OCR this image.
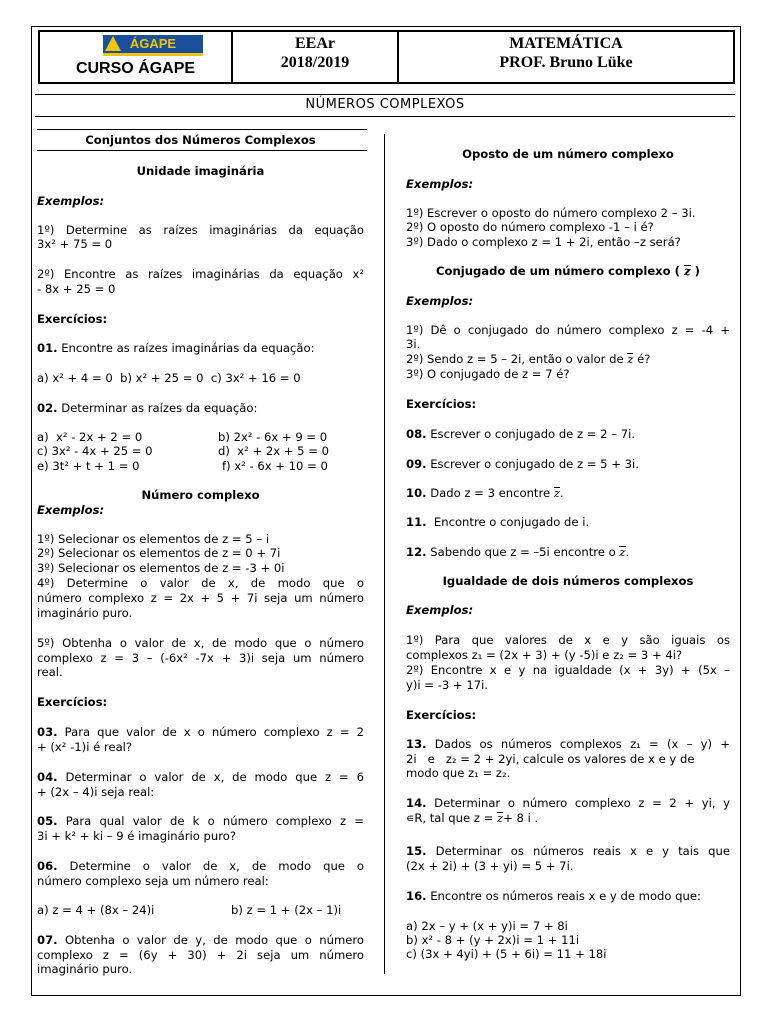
ÁGAPE
CURSO ÁGAPE
EEAr
2018/2019
MATEMÁTICA
PROF. Bruno Lüke
NÚMEROS COMPLEXOS
Conjuntos dos Números Complexos
Unidade imaginária
Exemplos:
1º) Determine as raízes imaginárias da equação
3x² + 75 = 0
2º) Encontre as raízes imaginárias da equação x²
- 8x + 25 = 0
Exercícios:
01. Encontre as raízes imaginárias da equação:
a) x² + 4 = 0  b) x² + 25 = 0  c) 3x² + 16 = 0
02. Determinar as raízes da equação:
a)  x² - 2x + 2 = 0	b) 2x² - 6x + 9 = 0
c) 3x² - 4x + 25 = 0	d)  x² + 2x + 5 = 0
e) 3t² + t + 1 = 0	f) x² - 6x + 10 = 0
Número complexo
Exemplos:
1º) Selecionar os elementos de z = 5 – i
2º) Selecionar os elementos de z = 0 + 7i
3º) Selecionar os elementos de z = -3 + 0i
4º) Determine o valor de x, de modo que o
número complexo z = 2x + 5 + 7i seja um número
imaginário puro.
5º) Obtenha o valor de x, de modo que o número
complexo z = 3 – (-6x² -7x + 3)i seja um número
real.
Exercícios:
03. Para que valor de x o número complexo z = 2
+ (x² -1)i é real?
04. Determinar o valor de x, de modo que z = 6
+ (2x – 4)i seja real:
05. Para qual valor de k o número complexo z =
3i + k² + ki – 9 é imaginário puro?
06. Determine o valor de x, de modo que o
número complexo seja um número real:
a) z = 4 + (8x – 24)i	b) z = 1 + (2x – 1)i
07. Obtenha o valor de y, de modo que o número
complexo z = (6y + 30) + 2i seja um número
imaginário puro.
Oposto de um número complexo
Exemplos:
1º) Escrever o oposto do número complexo 2 – 3i.
2º) O oposto do número complexo -1 – i é?
3º) Dado o complexo z = 1 + 2i, então –z será?
Conjugado de um número complexo ( z )
Exemplos:
1º) Dê o conjugado do número complexo z = -4 +
3i.
2º) Sendo z = 5 – 2i, então o valor de z é?
3º) O conjugado de z = 7 é?
Exercícios:
08. Escrever o conjugado de z = 2 – 7i.
09. Escrever o conjugado de z = 5 + 3i.
10. Dado z = 3 encontre z.
11.  Encontre o conjugado de i.
12. Sabendo que z = –5i encontre o z.
Igualdade de dois números complexos
Exemplos:
1º) Para que valores de x e y são iguais os
complexos z₁ = (2x + 3) + (y -5)i e z₂ = 3 + 4i?
2º) Encontre x e y na igualdade (x + 3y) + (5x –
y)i = -3 + 17i.
Exercícios:
13. Dados os números complexos z₁ = (x – y) +
2i   e   z₂ = 2 + 2yi, calcule os valores de x e y de
modo que z₁ = z₂.
14. Determinar o número complexo z = 2 + yi, y
∊R, tal que z = z+ 8 i .
15. Determinar os números reais x e y tais que
(2x + 2i) + (3 + yi) = 5 + 7i.
16. Encontre os números reais x e y de modo que:
a) 2x – y + (x + y)i = 7 + 8i
b) x² - 8 + (y + 2x)i = 1 + 11i
c) (3x + 4yi) + (5 + 6i) = 11 + 18i
